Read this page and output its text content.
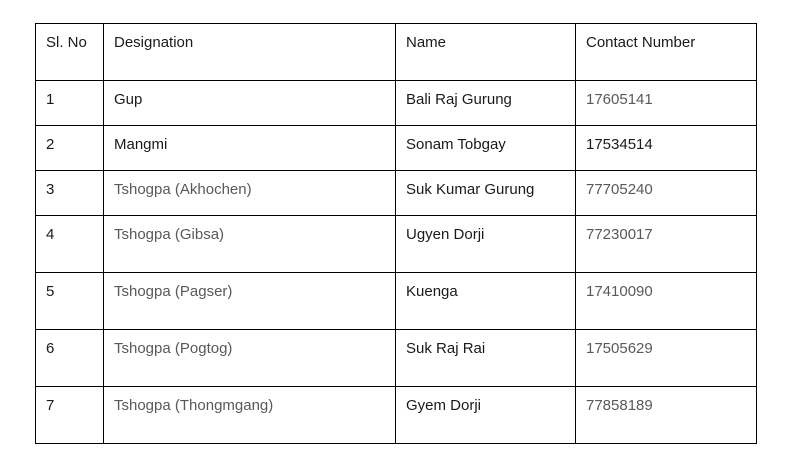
Sl. No	Designation	Name	Contact Number
1	Gup	Bali Raj Gurung	17605141
2	Mangmi	Sonam Tobgay	17534514
3	Tshogpa (Akhochen)	Suk Kumar Gurung	77705240
4	Tshogpa (Gibsa)	Ugyen Dorji	77230017
5	Tshogpa (Pagser)	Kuenga	17410090
6	Tshogpa (Pogtog)	Suk Raj Rai	17505629
7	Tshogpa (Thongmgang)	Gyem Dorji	77858189
